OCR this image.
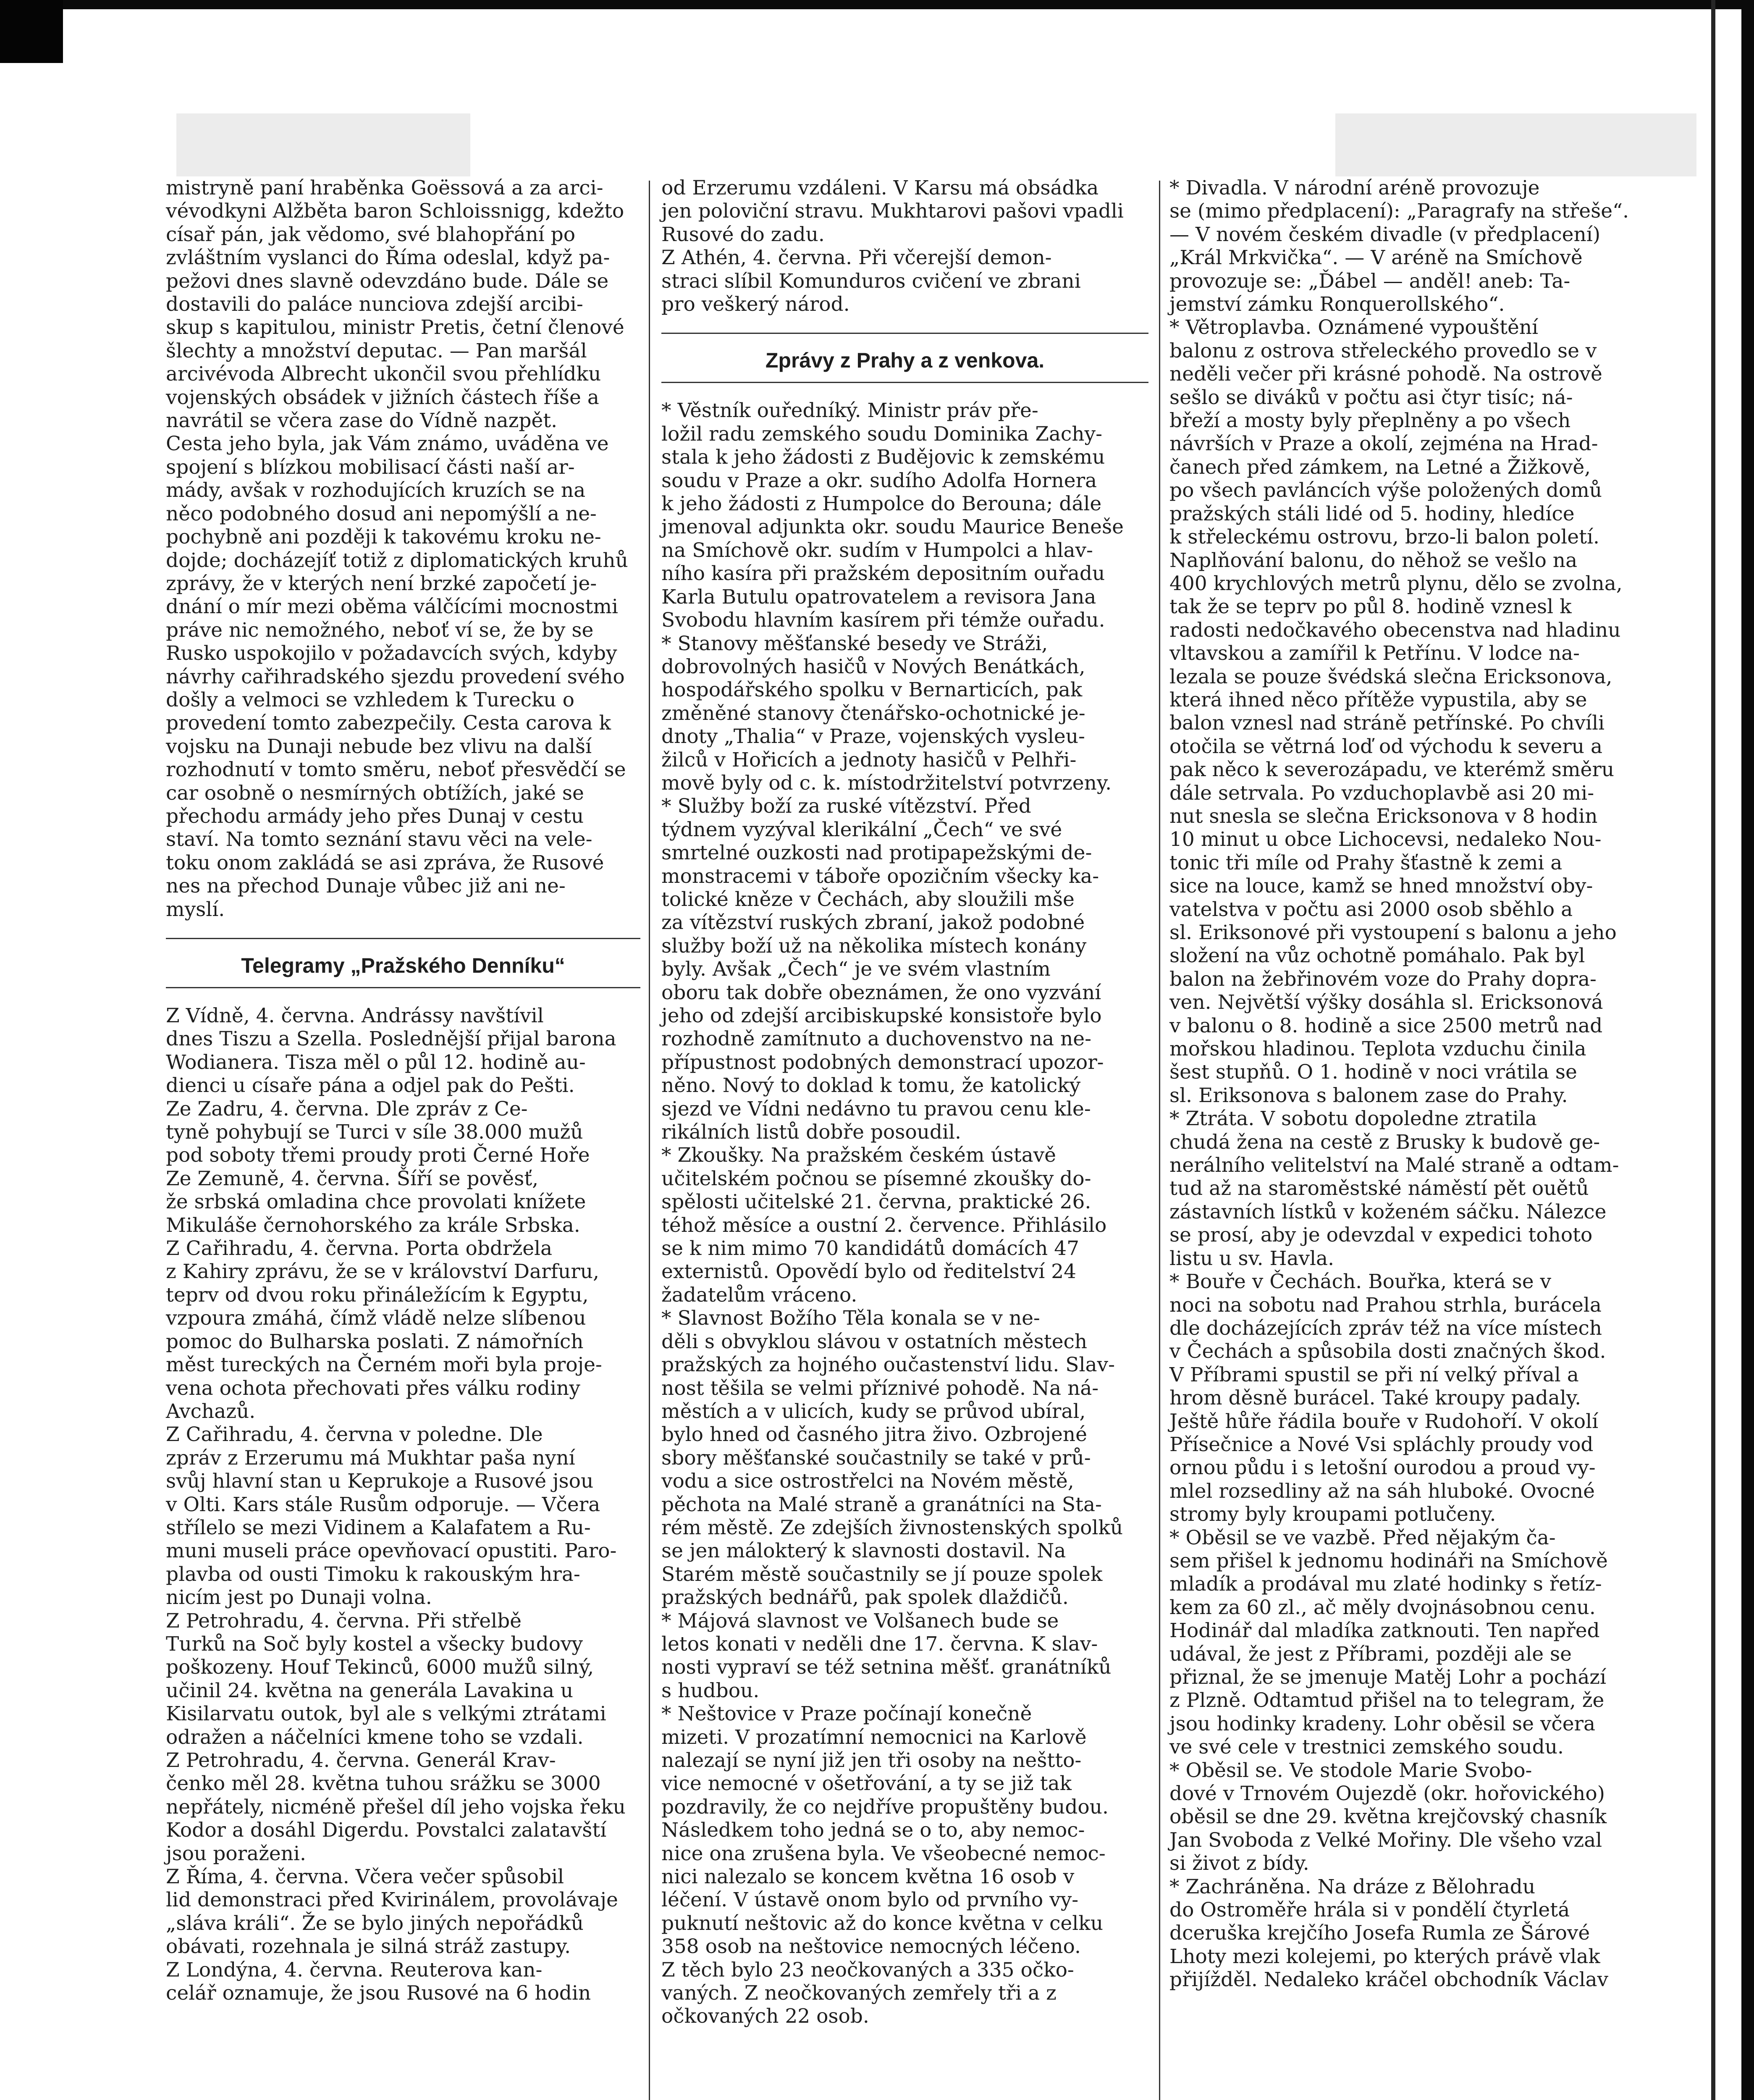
mistryně paní hraběnka Goëssová a za arci-
vévodkyni Alžběta baron Schloissnigg, kdežto
císař pán, jak vědomo, své blahopřání po
zvláštním vyslanci do Říma odeslal, když pa-
pežovi dnes slavně odevzdáno bude. Dále se
dostavili do paláce nunciova zdejší arcibi-
skup s kapitulou, ministr Pretis, četní členové
šlechty a množství deputac. — Pan maršál
arcivévoda Albrecht ukončil svou přehlídku
vojenských obsádek v jižních částech říše a
navrátil se včera zase do Vídně nazpět.
Cesta jeho byla, jak Vám známo, uváděna ve
spojení s blízkou mobilisací části naší ar-
mády, avšak v rozhodujících kruzích se na
něco podobného dosud ani nepomýšlí a ne-
pochybně ani později k takovému kroku ne-
dojde; docházejíť totiž z diplomatických kruhů
zprávy, že v kterých není brzké započetí je-
dnání o mír mezi oběma válčícími mocnostmi
práve nic nemožného, neboť ví se, že by se
Rusko uspokojilo v požadavcích svých, kdyby
návrhy cařihradského sjezdu provedení svého
došly a velmoci se vzhledem k Turecku o
provedení tomto zabezpečily. Cesta carova k
vojsku na Dunaji nebude bez vlivu na další
rozhodnutí v tomto směru, neboť přesvědčí se
car osobně o nesmírných obtížích, jaké se
přechodu armády jeho přes Dunaj v cestu
staví. Na tomto seznání stavu věci na vele-
toku onom zakládá se asi zpráva, že Rusové
nes na přechod Dunaje vůbec již ani ne-
myslí.

Telegramy „Pražského Denníku“

Z Vídně, 4. června. Andrássy navštívil
dnes Tiszu a Szella. Poslednější přijal barona
Wodianera. Tisza měl o půl 12. hodině au-
dienci u císaře pána a odjel pak do Pešti.
Ze Zadru, 4. června. Dle zpráv z Ce-
tyně pohybují se Turci v síle 38.000 mužů
pod soboty třemi proudy proti Černé Hoře
Ze Zemuně, 4. června. Šíří se pověsť,
že srbská omladina chce provolati knížete
Mikuláše černohorského za krále Srbska.
Z Cařihradu, 4. června. Porta obdržela
z Kahiry zprávu, že se v království Darfuru,
teprv od dvou roku přináležícím k Egyptu,
vzpoura zmáhá, čímž vládě nelze slíbenou
pomoc do Bulharska poslati. Z námořních
měst tureckých na Černém moři byla proje-
vena ochota přechovati přes válku rodiny
Avchazů.
Z Cařihradu, 4. června v poledne. Dle
zpráv z Erzerumu má Mukhtar paša nyní
svůj hlavní stan u Keprukoje a Rusové jsou
v Olti. Kars stále Rusům odporuje. — Včera
střílelo se mezi Vidinem a Kalafatem a Ru-
muni museli práce opevňovací opustiti. Paro-
plavba od ousti Timoku k rakouským hra-
nicím jest po Dunaji volna.
Z Petrohradu, 4. června. Při střelbě
Turků na Soč byly kostel a všecky budovy
poškozeny. Houf Tekinců, 6000 mužů silný,
učinil 24. května na generála Lavakina u
Kisilarvatu outok, byl ale s velkými ztrátami
odražen a náčelníci kmene toho se vzdali.
Z Petrohradu, 4. června. Generál Krav-
čenko měl 28. května tuhou srážku se 3000
nepřátely, nicméně přešel díl jeho vojska řeku
Kodor a dosáhl Digerdu. Povstalci zalatavští
jsou poraženi.
Z Říma, 4. června. Včera večer spůsobil
lid demonstraci před Kvirinálem, provolávaje
„sláva králi“. Že se bylo jiných nepořádků
obávati, rozehnala je silná stráž zastupy.
Z Londýna, 4. června. Reuterova kan-
celář oznamuje, že jsou Rusové na 6 hodin

od Erzerumu vzdáleni. V Karsu má obsádka
jen poloviční stravu. Mukhtarovi pašovi vpadli
Rusové do zadu.
Z Athén, 4. června. Při včerejší demon-
straci slíbil Komunduros cvičení ve zbrani
pro veškerý národ.

Zprávy z Prahy a z venkova.

* Věstník ouředníký. Ministr práv pře-
ložil radu zemského soudu Dominika Zachy-
stala k jeho žádosti z Budějovic k zemskému
soudu v Praze a okr. sudího Adolfa Hornera
k jeho žádosti z Humpolce do Berouna; dále
jmenoval adjunkta okr. soudu Maurice Beneše
na Smíchově okr. sudím v Humpolci a hlav-
ního kasíra při pražském depositním ouřadu
Karla Butulu opatrovatelem a revisora Jana
Svobodu hlavním kasírem při témže ouřadu.
* Stanovy měšťanské besedy ve Stráži,
dobrovolných hasičů v Nových Benátkách,
hospodářského spolku v Bernarticích, pak
změněné stanovy čtenářsko-ochotnické je-
dnoty „Thalia“ v Praze, vojenských vysleu-
žilců v Hořicích a jednoty hasičů v Pelhři-
mově byly od c. k. místodržitelství potvrzeny.
* Služby boží za ruské vítězství. Před
týdnem vyzýval klerikální „Čech“ ve své
smrtelné ouzkosti nad protipapežskými de-
monstracemi v táboře opozičním všecky ka-
tolické kněze v Čechách, aby sloužili mše
za vítězství ruských zbraní, jakož podobné
služby boží už na několika místech konány
byly. Avšak „Čech“ je ve svém vlastním
oboru tak dobře obeznámen, že ono vyzvání
jeho od zdejší arcibiskupské konsistoře bylo
rozhodně zamítnuto a duchovenstvo na ne-
přípustnost podobných demonstrací upozor-
něno. Nový to doklad k tomu, že katolický
sjezd ve Vídni nedávno tu pravou cenu kle-
rikálních listů dobře posoudil.
* Zkoušky. Na pražském českém ústavě
učitelském počnou se písemné zkoušky do-
spělosti učitelské 21. června, praktické 26.
téhož měsíce a oustní 2. července. Přihlásilo
se k nim mimo 70 kandidátů domácích 47
externistů. Opovědí bylo od ředitelství 24
žadatelům vráceno.
* Slavnost Božího Těla konala se v ne-
děli s obvyklou slávou v ostatních městech
pražských za hojného oučastenství lidu. Slav-
nost těšila se velmi příznivé pohodě. Na ná-
městích a v ulicích, kudy se průvod ubíral,
bylo hned od časného jitra živo. Ozbrojené
sbory měšťanské součastnily se také v prů-
vodu a sice ostrostřelci na Novém městě,
pěchota na Malé straně a granátníci na Sta-
rém městě. Ze zdejších živnostenských spolků
se jen málokterý k slavnosti dostavil. Na
Starém městě součastnily se jí pouze spolek
pražských bednářů, pak spolek dlaždičů.
* Májová slavnost ve Volšanech bude se
letos konati v neděli dne 17. června. K slav-
nosti vypraví se též setnina měšť. granátníků
s hudbou.
* Neštovice v Praze počínají konečně
mizeti. V prozatímní nemocnici na Karlově
nalezají se nyní již jen tři osoby na neštto-
vice nemocné v ošetřování, a ty se již tak
pozdravily, že co nejdříve propuštěny budou.
Následkem toho jedná se o to, aby nemoc-
nice ona zrušena byla. Ve všeobecné nemoc-
nici nalezalo se koncem května 16 osob v
léčení. V ústavě onom bylo od prvního vy-
puknutí neštovic až do konce května v celku
358 osob na neštovice nemocných léčeno.
Z těch bylo 23 neočkovaných a 335 očko-
vaných. Z neočkovaných zemřely tři a z
očkovaných 22 osob.

* Divadla. V národní aréně provozuje
se (mimo předplacení): „Paragrafy na střeše“.
— V novém českém divadle (v předplacení)
„Král Mrkvička“. — V aréně na Smíchově
provozuje se: „Ďábel — anděl! aneb: Ta-
jemství zámku Ronquerollského“.
* Větroplavba. Oznámené vypouštění
balonu z ostrova střeleckého provedlo se v
neděli večer při krásné pohodě. Na ostrově
sešlo se diváků v počtu asi čtyr tisíc; ná-
břeží a mosty byly přeplněny a po všech
návrších v Praze a okolí, zejména na Hrad-
čanech před zámkem, na Letné a Žižkově,
po všech pavláncích výše položených domů
pražských stáli lidé od 5. hodiny, hledíce
k střeleckému ostrovu, brzo-li balon poletí.
Naplňování balonu, do něhož se vešlo na
400 krychlových metrů plynu, dělo se zvolna,
tak že se teprv po půl 8. hodině vznesl k
radosti nedočkavého obecenstva nad hladinu
vltavskou a zamířil k Petřínu. V lodce na-
lezala se pouze švédská slečna Ericksonova,
která ihned něco přítěže vypustila, aby se
balon vznesl nad stráně petřínské. Po chvíli
otočila se větrná loď od východu k severu a
pak něco k severozápadu, ve kterémž směru
dále setrvala. Po vzduchoplavbě asi 20 mi-
nut snesla se slečna Ericksonova v 8 hodin
10 minut u obce Lichocevsi, nedaleko Nou-
tonic tři míle od Prahy šťastně k zemi a
sice na louce, kamž se hned množství oby-
vatelstva v počtu asi 2000 osob sběhlo a
sl. Eriksonové při vystoupení s balonu a jeho
složení na vůz ochotně pomáhalo. Pak byl
balon na žebřinovém voze do Prahy dopra-
ven. Největší výšky dosáhla sl. Ericksonová
v balonu o 8. hodině a sice 2500 metrů nad
mořskou hladinou. Teplota vzduchu činila
šest stupňů. O 1. hodině v noci vrátila se
sl. Eriksonova s balonem zase do Prahy.
* Ztráta. V sobotu dopoledne ztratila
chudá žena na cestě z Brusky k budově ge-
nerálního velitelství na Malé straně a odtam-
tud až na staroměstské náměstí pět ouětů
zástavních lístků v koženém sáčku. Nálezce
se prosí, aby je odevzdal v expedici tohoto
listu u sv. Havla.
* Bouře v Čechách. Bouřka, která se v
noci na sobotu nad Prahou strhla, burácela
dle docházejících zpráv též na více místech
v Čechách a spůsobila dosti značných škod.
V Příbrami spustil se při ní velký příval a
hrom děsně burácel. Také kroupy padaly.
Ještě hůře řádila bouře v Rudohoří. V okolí
Přísečnice a Nové Vsi spláchly proudy vod
ornou půdu i s letošní ourodou a proud vy-
mlel rozsedliny až na sáh hluboké. Ovocné
stromy byly kroupami potlučeny.
* Oběsil se ve vazbě. Před nějakým ča-
sem přišel k jednomu hodináři na Smíchově
mladík a prodával mu zlaté hodinky s řetíz-
kem za 60 zl., ač měly dvojnásobnou cenu.
Hodinář dal mladíka zatknouti. Ten napřed
udával, že jest z Příbrami, později ale se
přiznal, že se jmenuje Matěj Lohr a pochází
z Plzně. Odtamtud přišel na to telegram, že
jsou hodinky kradeny. Lohr oběsil se včera
ve své cele v trestnici zemského soudu.
* Oběsil se. Ve stodole Marie Svobo-
dové v Trnovém Oujezdě (okr. hořovického)
oběsil se dne 29. května krejčovský chasník
Jan Svoboda z Velké Mořiny. Dle všeho vzal
si život z bídy.
* Zachráněna. Na dráze z Bělohradu
do Ostroměře hrála si v pondělí čtyrletá
dceruška krejčího Josefa Rumla ze Šárové
Lhoty mezi kolejemi, po kterých právě vlak
přijížděl. Nedaleko kráčel obchodník Václav
